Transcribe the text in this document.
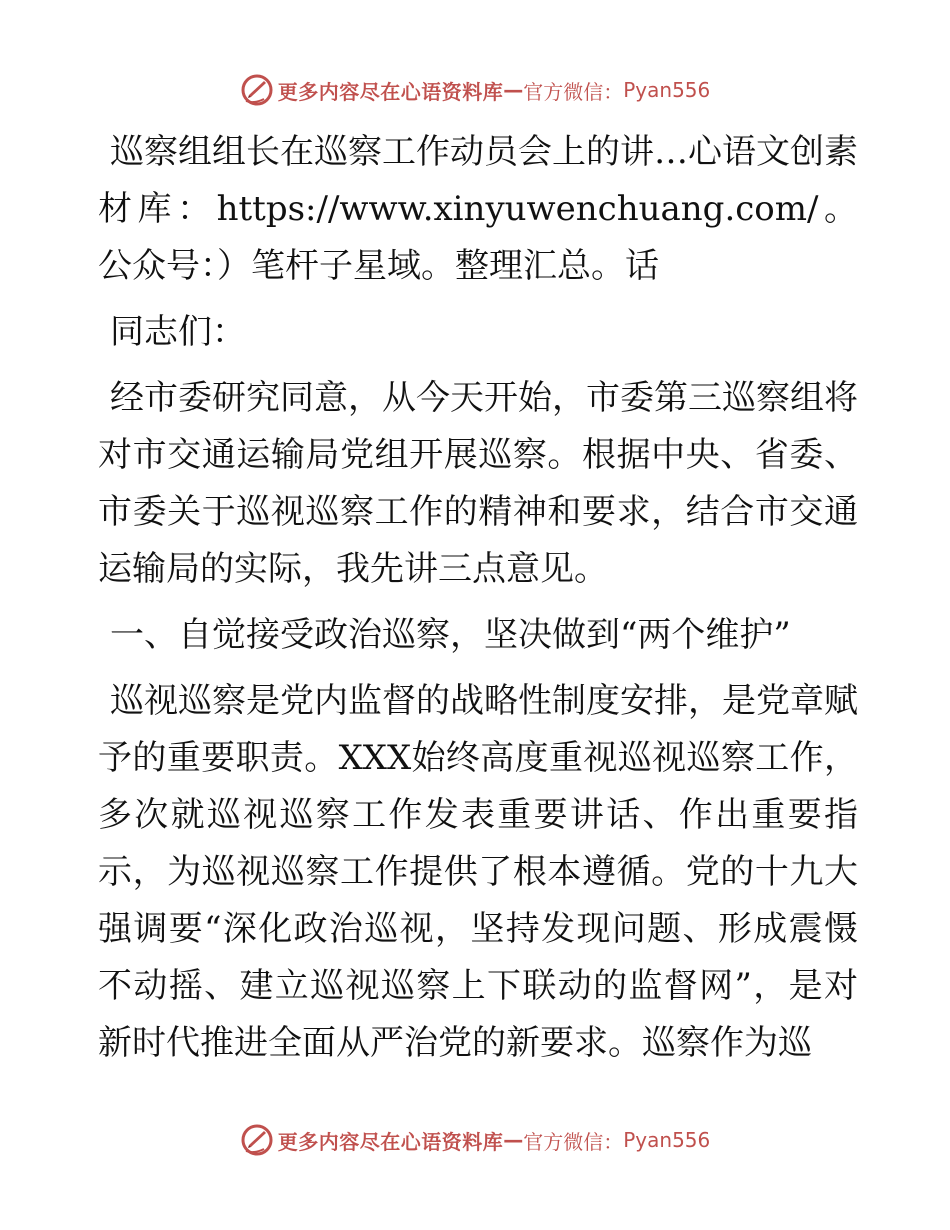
更多内容尽在心语资料库 — 官方微信： Pyan556

巡察组组长在巡察工作动员会上的讲…心语文创素材库：https://www.xinyuwenchuang.com/。公众号：）笔杆子星域。整理汇总。话

同志们：

经市委研究同意，从今天开始，市委第三巡察组将对市交通运输局党组开展巡察。根据中央、省委、市委关于巡视巡察工作的精神和要求，结合市交通运输局的实际，我先讲三点意见。

一、自觉接受政治巡察，坚决做到“两个维护”

巡视巡察是党内监督的战略性制度安排，是党章赋予的重要职责。XXX始终高度重视巡视巡察工作，多次就巡视巡察工作发表重要讲话、作出重要指示，为巡视巡察工作提供了根本遵循。党的十九大强调要“深化政治巡视，坚持发现问题、形成震慑不动摇、建立巡视巡察上下联动的监督网”，是对新时代推进全面从严治党的新要求。巡察作为巡

更多内容尽在心语资料库 — 官方微信： Pyan556
